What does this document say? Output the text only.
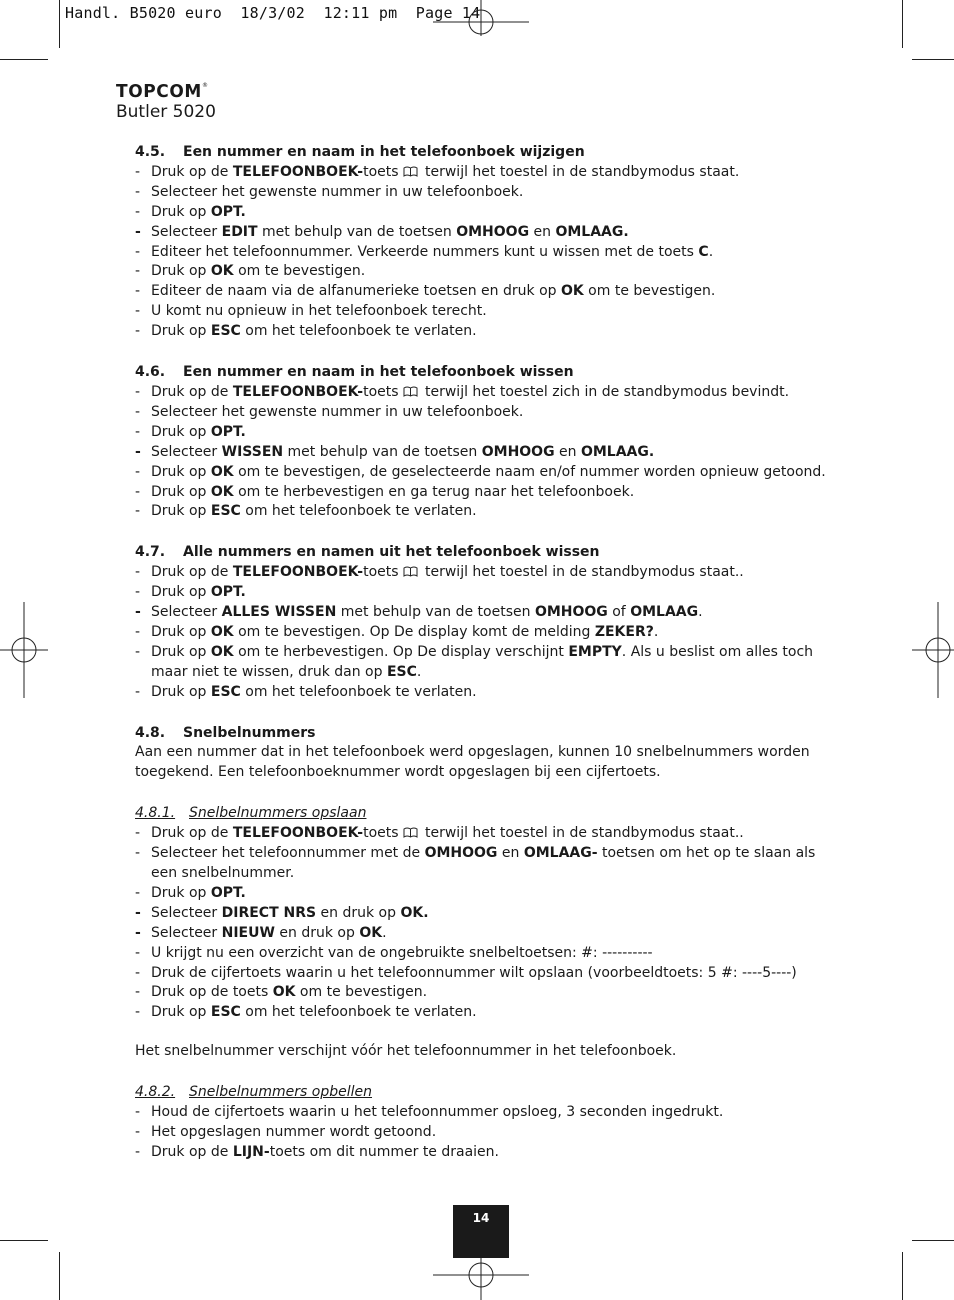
Handl. B5020 euro  18/3/02  12:11 pm  Page 14
TOPCOM®
Butler 5020

4.5. Een nummer en naam in het telefoonboek wijzigen

- Druk op de TELEFOONBOEK-toets terwijl het toestel in de standbymodus staat.
- Selecteer het gewenste nummer in uw telefoonboek.
- Druk op OPT.
- Selecteer EDIT met behulp van de toetsen OMHOOG en OMLAAG.
- Editeer het telefoonnummer. Verkeerde nummers kunt u wissen met de toets C.
- Druk op OK om te bevestigen.
- Editeer de naam via de alfanumerieke toetsen en druk op OK om te bevestigen.
- U komt nu opnieuw in het telefoonboek terecht.
- Druk op ESC om het telefoonboek te verlaten.

4.6. Een nummer en naam in het telefoonboek wissen

- Druk op de TELEFOONBOEK-toets terwijl het toestel zich in de standbymodus bevindt.
- Selecteer het gewenste nummer in uw telefoonboek.
- Druk op OPT.
- Selecteer WISSEN met behulp van de toetsen OMHOOG en OMLAAG.
- Druk op OK om te bevestigen, de geselecteerde naam en/of nummer worden opnieuw getoond.
- Druk op OK om te herbevestigen en ga terug naar het telefoonboek.
- Druk op ESC om het telefoonboek te verlaten.

4.7. Alle nummers en namen uit het telefoonboek wissen

- Druk op de TELEFOONBOEK-toets terwijl het toestel in de standbymodus staat..
- Druk op OPT.
- Selecteer ALLES WISSEN met behulp van de toetsen OMHOOG of OMLAAG.
- Druk op OK om te bevestigen. Op De display komt de melding ZEKER?.
- Druk op OK om te herbevestigen. Op De display verschijnt EMPTY. Als u beslist om alles toch maar niet te wissen, druk dan op ESC.
- Druk op ESC om het telefoonboek te verlaten.

4.8. Snelbelnummers

Aan een nummer dat in het telefoonboek werd opgeslagen, kunnen 10 snelbelnummers worden toegekend. Een telefoonboeknummer wordt opgeslagen bij een cijfertoets.

4.8.1. Snelbelnummers opslaan

- Druk op de TELEFOONBOEK-toets terwijl het toestel in de standbymodus staat..
- Selecteer het telefoonnummer met de OMHOOG en OMLAAG- toetsen om het op te slaan als een snelbelnummer.
- Druk op OPT.
- Selecteer DIRECT NRS en druk op OK.
- Selecteer NIEUW en druk op OK.
- U krijgt nu een overzicht van de ongebruikte snelbeltoetsen: #: ----------
- Druk de cijfertoets waarin u het telefoonnummer wilt opslaan (voorbeeldtoets: 5 #: ----5----)
- Druk op de toets OK om te bevestigen.
- Druk op ESC om het telefoonboek te verlaten.

Het snelbelnummer verschijnt vóór het telefoonnummer in het telefoonboek.

4.8.2. Snelbelnummers opbellen

- Houd de cijfertoets waarin u het telefoonnummer opsloeg, 3 seconden ingedrukt.
- Het opgeslagen nummer wordt getoond.
- Druk op de LIJN-toets om dit nummer te draaien.
14
